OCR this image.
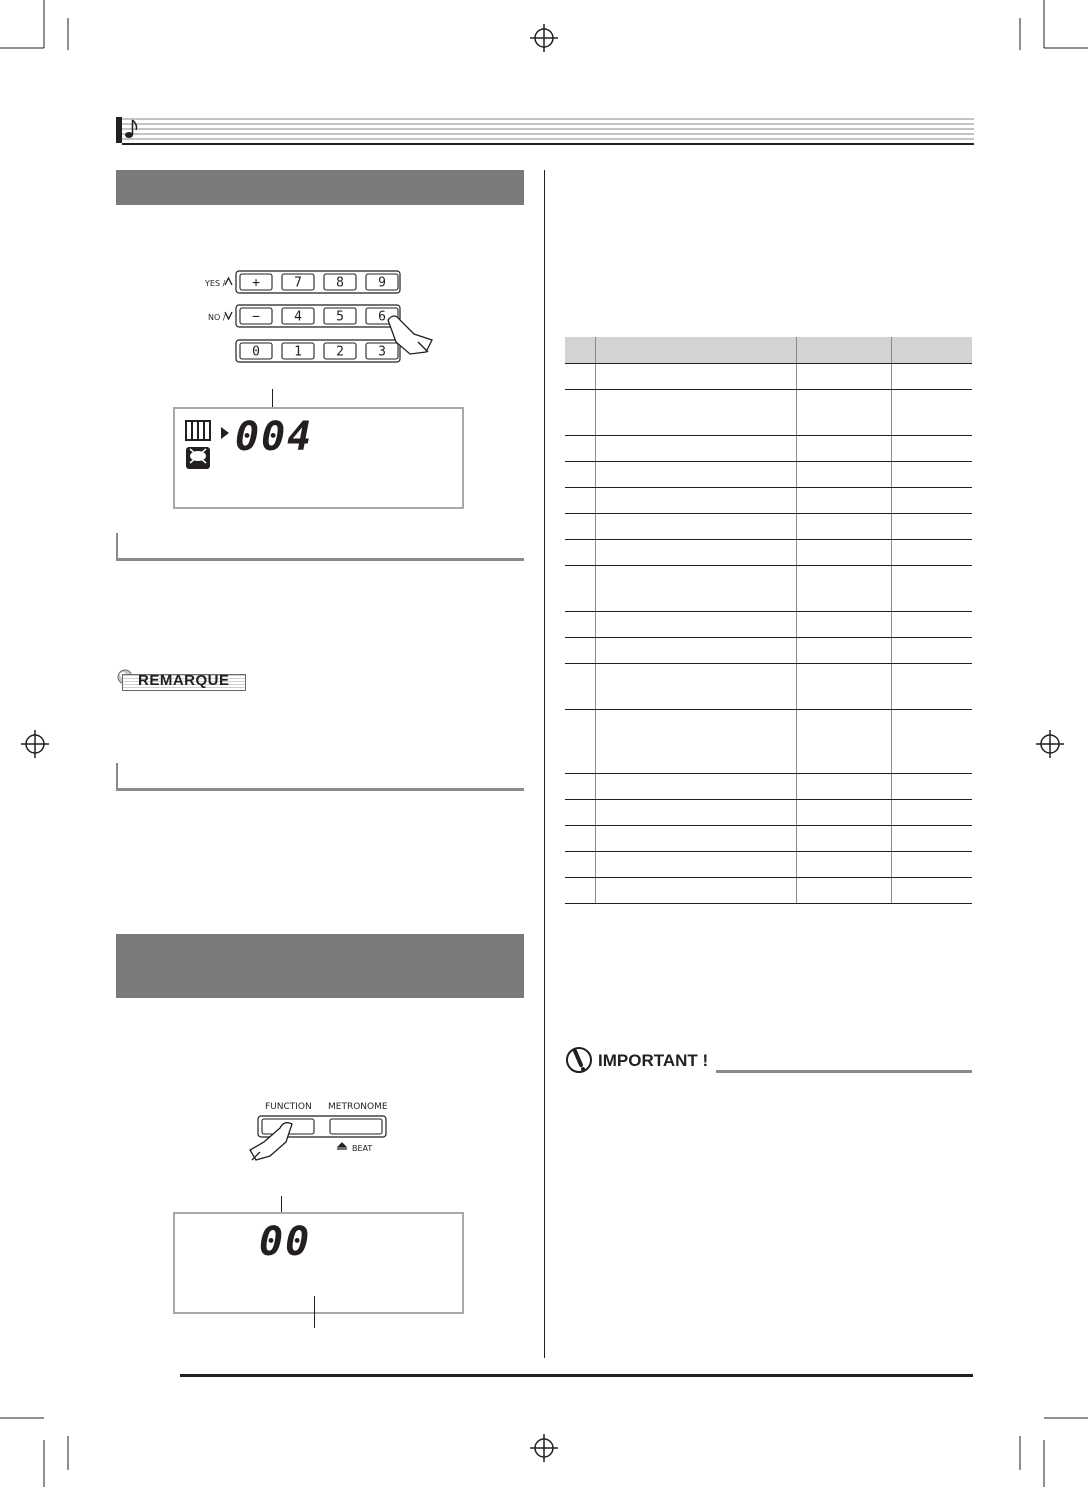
YES /
NO /
+	7	8	9
−	4	5	6
0	1	2	3
004
REMARQUE
FUNCTION METRONOME
BEAT
00

IMPORTANT !
